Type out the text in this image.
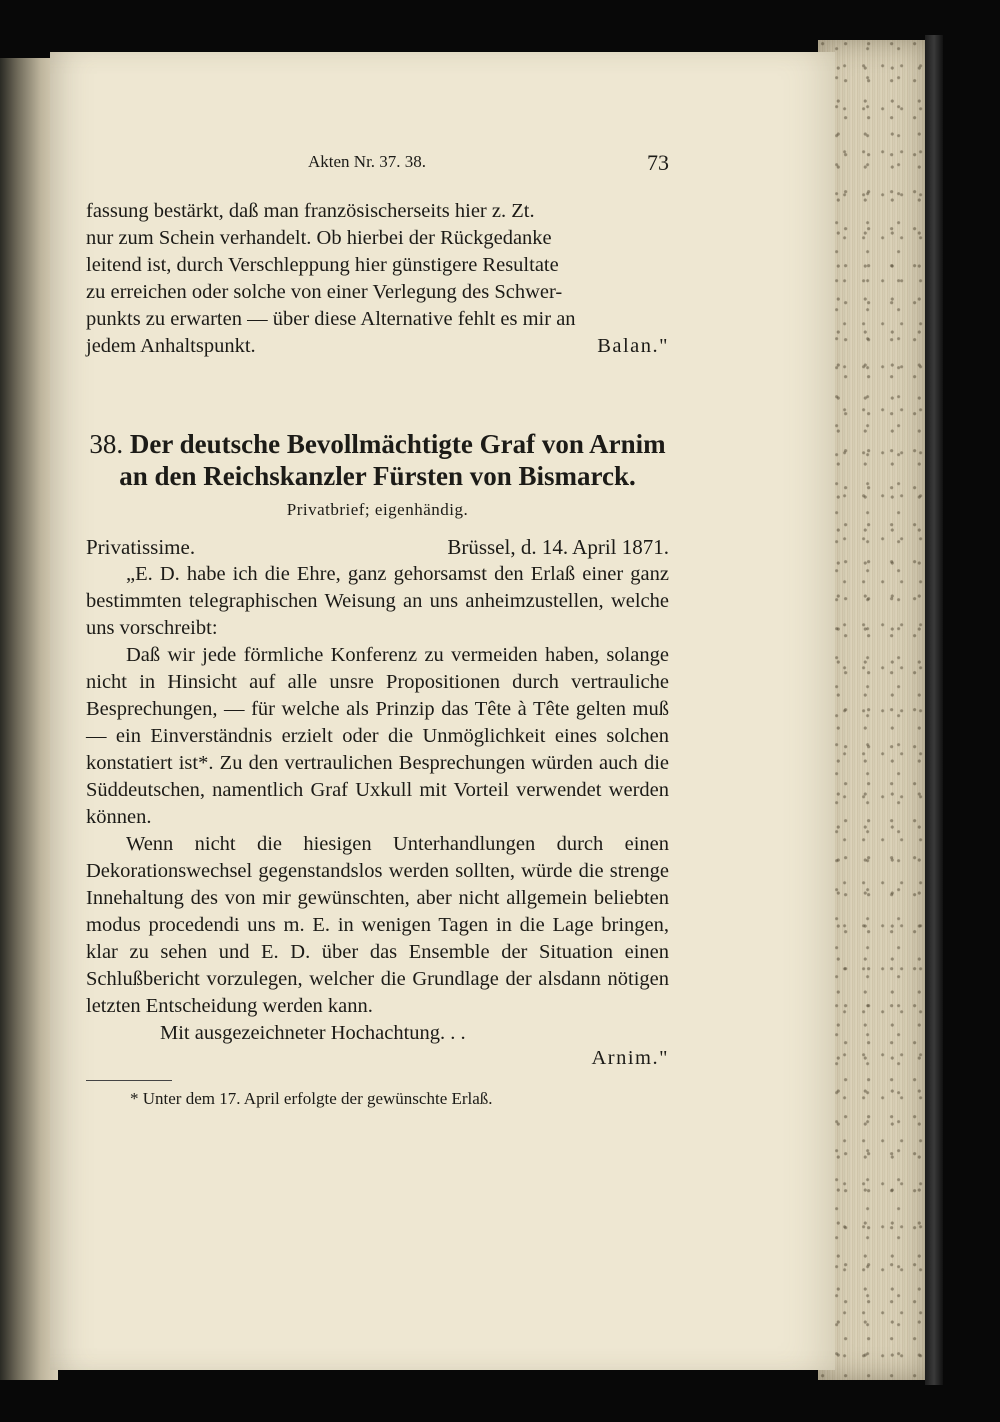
Akten Nr. 37. 38.	73

fassung bestärkt, daß man französischerseits hier z. Zt.

nur zum Schein verhandelt. Ob hierbei der Rückgedanke

leitend ist, durch Verschleppung hier günstigere Resultate

zu erreichen oder solche von einer Verlegung des Schwer-

punkts zu erwarten — über diese Alternative fehlt es mir an

jedem Anhaltspunkt.	Balan."
38. Der deutsche Bevollmächtigte Graf von Arnim an den Reichskanzler Fürsten von Bismarck.
Privatbrief; eigenhändig.
Privatissime.	Brüssel, d. 14. April 1871.

„E. D. habe ich die Ehre, ganz gehorsamst den Erlaß einer ganz bestimmten telegraphischen Weisung an uns anheimzustellen, welche uns vorschreibt:

Daß wir jede förmliche Konferenz zu vermeiden haben, solange nicht in Hinsicht auf alle unsre Propositionen durch vertrauliche Besprechungen, — für welche als Prinzip das Tête à Tête gelten muß — ein Einverständnis erzielt oder die Unmöglichkeit eines solchen konstatiert ist*. Zu den vertraulichen Besprechungen würden auch die Süddeutschen, namentlich Graf Uxkull mit Vorteil verwendet werden können.

Wenn nicht die hiesigen Unterhandlungen durch einen Dekorationswechsel gegenstandslos werden sollten, würde die strenge Innehaltung des von mir gewünschten, aber nicht allgemein beliebten modus procedendi uns m. E. in wenigen Tagen in die Lage bringen, klar zu sehen und E. D. über das Ensemble der Situation einen Schlußbericht vorzulegen, welcher die Grundlage der alsdann nötigen letzten Entscheidung werden kann.

Mit ausgezeichneter Hochachtung. . .
Arnim."
* Unter dem 17. April erfolgte der gewünschte Erlaß.
